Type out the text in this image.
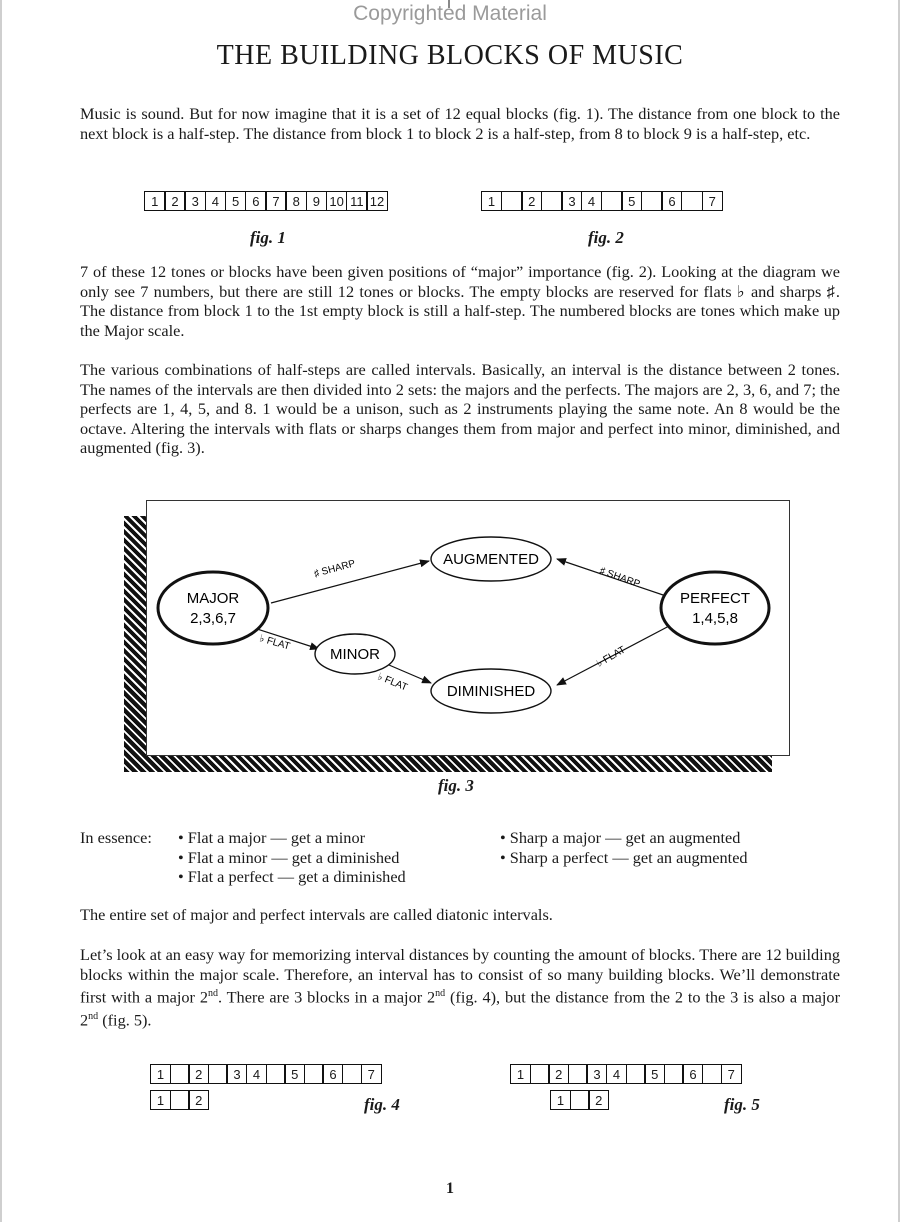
Copyrighted Material
THE BUILDING BLOCKS OF MUSIC

Music is sound. But for now imagine that it is a set of 12 equal blocks (fig. 1). The distance from one block to the next block is a half-step. The distance from block 1 to block 2 is a half-step, from 8 to block 9 is a half-step, etc.

1 2 3 4 5 6 7 8 9 10 11 12
fig. 1
1	2	3 4	5	6	7
fig. 2

7 of these 12 tones or blocks have been given positions of “major” importance (fig. 2). Looking at the diagram we only see 7 numbers, but there are still 12 tones or blocks. The empty blocks are reserved for flats ♭ and sharps ♯. The distance from block 1 to the 1st empty block is still a half-step. The numbered blocks are tones which make up the Major scale.

The various combinations of half-steps are called intervals. Basically, an interval is the distance between 2 tones. The names of the intervals are then divided into 2 sets: the majors and the perfects. The majors are 2, 3, 6, and 7; the perfects are 1, 4, 5, and 8. 1 would be a unison, such as 2 instruments playing the same note. An 8 would be the octave. Altering the intervals with flats or sharps changes them from major and perfect into minor, diminished, and augmented (fig. 3).

♯ SHARP	♯ SHARP
♭ FLAT
♭ FLAT
♭ FLAT
MAJOR
2,3,6,7
PERFECT
1,4,5,8
AUGMENTED
MINOR
DIMINISHED
fig. 3
In essence: • Flat a major — get a minor
• Flat a minor — get a diminished
• Flat a perfect — get a diminished
• Sharp a major — get an augmented
• Sharp a perfect — get an augmented

The entire set of major and perfect intervals are called diatonic intervals.

Let’s look at an easy way for memorizing interval distances by counting the amount of blocks. There are 12 building blocks within the major scale. Therefore, an interval has to consist of so many building blocks. We’ll demonstrate first with a major 2nd. There are 3 blocks in a major 2nd (fig. 4), but the distance from the 2 to the 3 is also a major 2nd (fig. 5).

1	2	3 4	5	6	7
1	2	fig. 4
1	2	3 4	5	6	7
1	2	fig. 5
1
